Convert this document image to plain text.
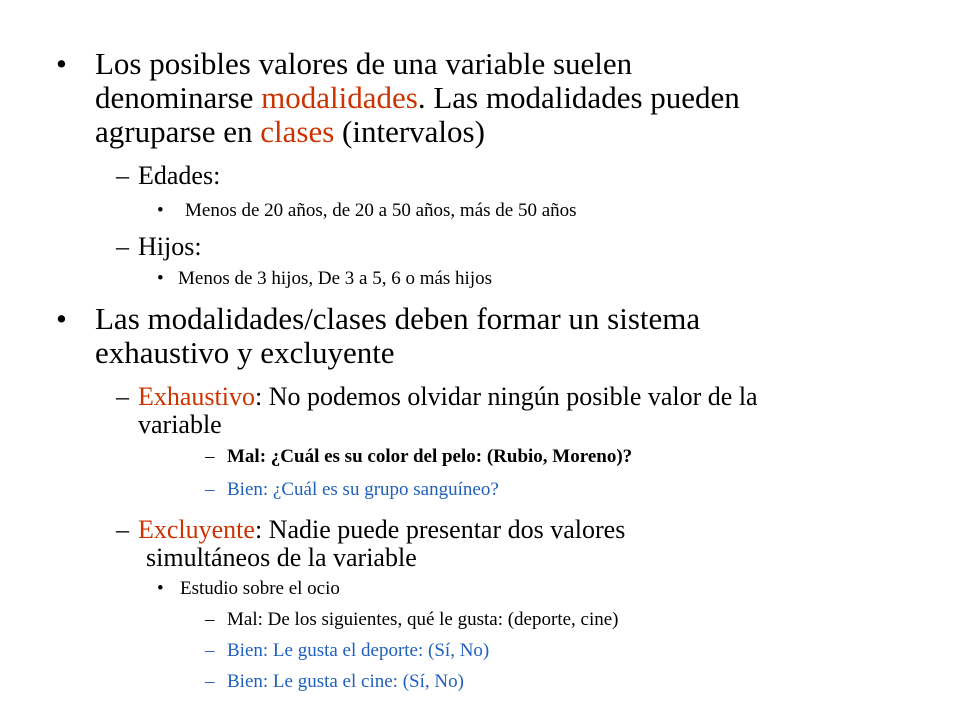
• Los posibles valores de una variable suelen
denominarse modalidades. Las modalidades pueden
agruparse en clases (intervalos)
– Edades:
• Menos de 20 años, de 20 a 50 años, más de 50 años
– Hijos:
• Menos de 3 hijos, De 3 a 5, 6 o más hijos
• Las modalidades/clases deben formar un sistema
exhaustivo y excluyente
– Exhaustivo: No podemos olvidar ningún posible valor de la
variable
– Mal: ¿Cuál es su color del pelo: (Rubio, Moreno)?
– Bien: ¿Cuál es su grupo sanguíneo?
– Excluyente: Nadie puede presentar dos valores
simultáneos de la variable
• Estudio sobre el ocio
– Mal: De los siguientes, qué le gusta: (deporte, cine)
– Bien: Le gusta el deporte: (Sí, No)
– Bien: Le gusta el cine: (Sí, No)
